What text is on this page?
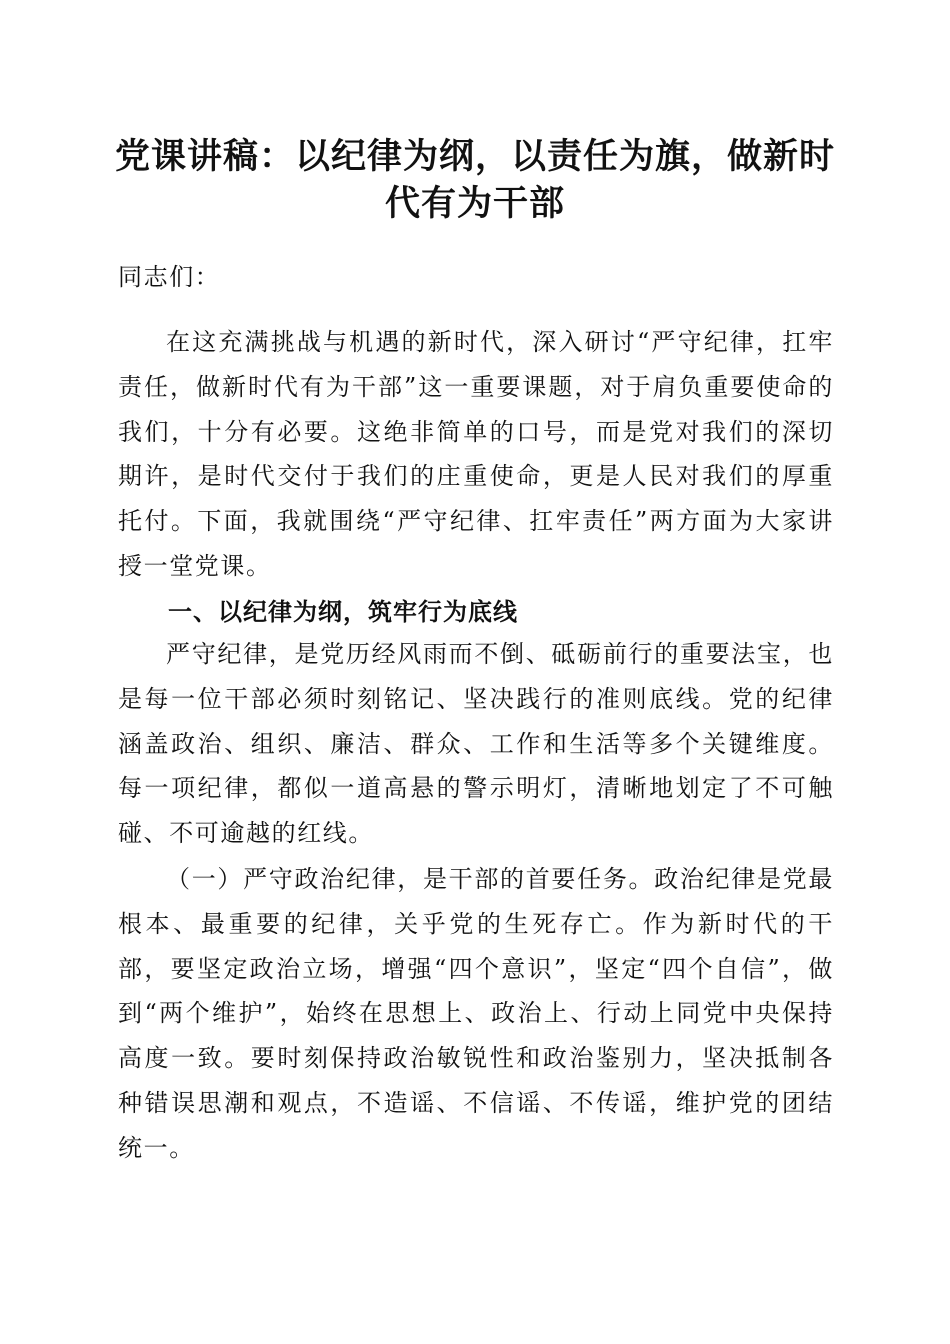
党课讲稿：以纪律为纲，以责任为旗，做新时
代有为干部
同志们：
在这充满挑战与机遇的新时代，深入研讨“严守纪律，扛牢责任，做新时代有为干部”这一重要课题，对于肩负重要使命的我们，十分有必要。这绝非简单的口号，而是党对我们的深切期许，是时代交付于我们的庄重使命，更是人民对我们的厚重托付。下面，我就围绕“严守纪律、扛牢责任”两方面为大家讲授一堂党课。
一、以纪律为纲，筑牢行为底线
严守纪律，是党历经风雨而不倒、砥砺前行的重要法宝，也是每一位干部必须时刻铭记、坚决践行的准则底线。党的纪律涵盖政治、组织、廉洁、群众、工作和生活等多个关键维度。每一项纪律，都似一道高悬的警示明灯，清晰地划定了不可触碰、不可逾越的红线。
（一）严守政治纪律，是干部的首要任务。政治纪律是党最根本、最重要的纪律，关乎党的生死存亡。作为新时代的干部，要坚定政治立场，增强“四个意识”，坚定“四个自信”，做到“两个维护”，始终在思想上、政治上、行动上同党中央保持高度一致。要时刻保持政治敏锐性和政治鉴别力，坚决抵制各种错误思潮和观点，不造谣、不信谣、不传谣，维护党的团结统一。
